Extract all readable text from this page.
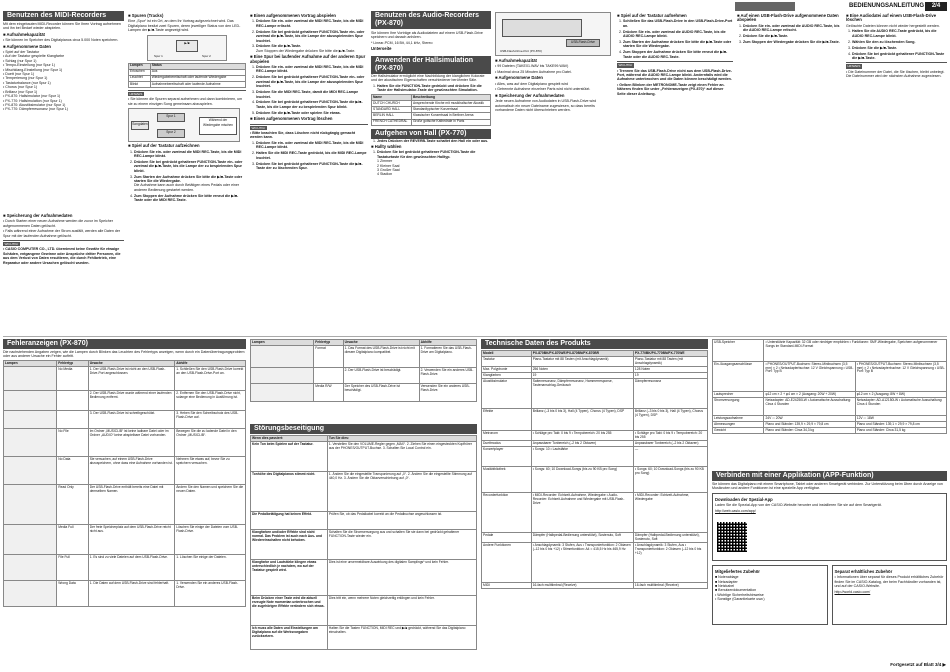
BEDIENUNGSANLEITUNG	2/4
Benutzen des MIDI-Recorders

Mit dem eingebauten MIDI-Recorder können Sie Ihren Vortrag aufnehmen und ihn bei Bedarf wieder abspielen.

■ Aufnahmekapazität

• Sie können im Speicher des Digitalpianos circa 5.000 Noten speichern.

■ Aufgenommene Daten
• Spiel auf der Tastatur
• Auf der Tastatur gespielte Klangfarbe
• Schlag (nur Spur 1)
• Tempo-Einstellung (nur Spur 1)
• Mischklang-Einstellung (nur Spur 1)
• Duett (nur Spur 1)
• Temperierung (nur Spur 1)
• Tastaturbalance (nur Spur 1)
• Chorus (nur Spur 1)
• Brillanz (nur Spur 1)
• PX-870: Hallsimulator (nur Spur 1)
• PX-770: Hallsimulation (nur Spur 1)
• PX-870: Akustiksimulator (nur Spur 1)
• PX-770: Dämpferresonanz (nur Spur 1)
■ Speicherung der Aufnahmedaten

• Durch Starten einer neuen Aufnahme werden die zuvor im Speicher aufgenommenen Daten gelöscht.

• Falls während einer Aufnahme der Strom ausfällt, werden alle Daten der Spur mit der laufenden Aufnahme gelöscht.

WICHTIG!

• CASIO COMPUTER CO., LTD. übernimmt keine Gewähr für etwaige Schäden, entgangene Gewinne oder Ansprüche dritter Personen, die aus dem Verlust von Daten resultieren, die durch Fehlbetrieb, eine Reparatur oder andere Ursachen gelöscht wurden.

■ Spuren (Tracks)

Eine „Spur“ ist ein Ort, an dem Ihr Vortrag aufgezeichnet wird. Das Digitalpiano besitzt zwei Spuren, deren jeweiliger Status von den LED-Lampen der ▶/■-Taste angezeigt wird.

▶/■
Spur 1	Spur 2
Lampen	Status
Erloschen	Aus
Leuchtet	Wiedergabebereitschaft oder laufende Wiedergabe
Blinkt	Aufnahmebereitschaft oder laufende Aufnahme
HINWEIS

• Sie können die Spuren separat aufnehmen und dann kombinieren, um sie zu einem einzigen Song gemeinsam abzuspielen.

Songdaten
Spur 1
Spur 2
Während der Wiedergabe mischen
■ Spiel auf der Tastatur aufzeichnen
1. Drücken Sie ein- oder zweimal die MIDI REC-Taste, bis die MIDI REC-Lampe blinkt.
2. Drücken Sie bei gedrückt gehaltener FUNCTION-Taste ein- oder zweimal die ▶/■-Taste, bis die Lampe der zu bespielenden Spur blinkt.
3. Zum Starten der Aufnahme drücken Sie bitte die ▶/■-Taste oder starten Sie die Wiedergabe.
Die Aufnahme kann auch durch Betätigen eines Pedals oder einer anderen Bedienung gestartet werden.
4. Zum Stoppen der Aufnahme drücken Sie bitte erneut die ▶/■-Taste oder die MIDI REC-Taste.
■ Einen aufgenommenen Vortrag abspielen
1. Drücken Sie ein- oder zweimal die MIDI REC-Taste, bis die MIDI REC-Lampe erlischt.
2. Drücken Sie bei gedrückt gehaltener FUNCTION-Taste ein- oder zweimal die ▶/■-Taste, bis die Lampe der abzuspielenden Spur leuchtet.
3. Drücken Sie die ▶/■-Taste.
Zum Stoppen der Wiedergabe drücken Sie bitte die ▶/■-Taste.
■ Eine Spur bei laufender Aufnahme auf der anderen Spur abspielen
1. Drücken Sie ein- oder zweimal die MIDI REC-Taste, bis die MIDI REC-Lampe blinkt.
2. Drücken Sie bei gedrückt gehaltener FUNCTION-Taste ein- oder zweimal die ▶/■-Taste, bis die Lampe der abzuspielenden Spur leuchtet.
3. Drücken Sie die MIDI REC-Taste, damit die MIDI REC-Lampe leuchtet.
4. Drücken Sie bei gedrückt gehaltener FUNCTION-Taste die ▶/■-Taste, bis die Lampe der zu bespielenden Spur blinkt.
5. Drücken Sie die ▶/■-Taste oder spielen Sie etwas.
■ Einen aufgenommenen Vortrag löschen
WICHTIG!

• Bitte beachten Sie, dass Löschen nicht rückgängig gemacht werden kann.

1. Drücken Sie ein- oder zweimal die MIDI REC-Taste, bis die MIDI REC-Lampe blinkt.
2. Halten Sie die MIDI REC-Taste gedrückt, bis die MIDI REC-Lampe leuchtet.
3. Drücken Sie bei gedrückt gehaltener FUNCTION-Taste die ▶/■-Taste der zu löschenden Spur.
Benutzen des Audio-Recorders (PX-870)

Sie können Ihre Vorträge als Audiodateien auf einem USB-Flash-Drive speichern und danach anhören.

* Linear-PCM, 16 Bit, 44,1 kHz, Stereo

Unterseite
Anwenden der Hallsimulation (PX-870)

Der Hallsimulator ermöglicht eine Nachbildung der klanglichen Kolorate und der akustischen Eigenschaften verschiedener berühmter Säle.

1. Halten Sie die FUNCTION-Taste gedrückt und drücken Sie die Taste der Hallsimulator-Taste der gewünschten Simulation.
Name	Beschreibung
DUTCH CHURCH	Ansprechende Kirche mit musikhalischer Akustik
STANDARD HALL	Standardtypischer Konzertsaal
BERLIN HALL	Klassischer Konzertsaal in Berliner Arena
FRENCH CATHEDRAL	Große gotische Kathedrale in Paris
Aufgehen von Hall (PX-770)
1. Jedes Drücken der REVERB-Taste schaltet den Hall ein oder aus.
■ Hallty wählen
1. Drücken Sie bei gedrückt gehaltener FUNCTION-Taste die Tastaturtaste für den gewünschten Halltyp.
1 Zimmer
2 Kleiner Saal
3 Großer Saal
4 Stadion
USB-Flash-Drive
USB-Flash-Drive-Port (PX-870)
■ Aufnahmekapazität

• 99 Dateien (TAKE01.WAV bis TAKE99.WAV)

• Maximal circa 25 Minuten Aufnahme pro Datei.

■ Aufgenommene Daten

• Alles, was auf dem Digitalpiano gespielt wird

• Getrennte Aufnahme einzelner Parts wird nicht unterstützt.

■ Speicherung der Aufnahmedaten

Jede neuen Aufnahme von Audiodaten in USB-Flash-Drive wird automatisch ein neuer Dateiname zugewiesen, so dass bereits vorhandene Daten nicht überschrieben werden.

■ Spiel auf der Tastatur aufnehmen
1. Schließen Sie das USB-Flash-Drive in den USB-Flash-Drive-Port an.
2. Drücken Sie ein- oder zweimal die AUDIO REC-Taste, bis die AUDIO REC-Lampe blinkt.
3. Zum Starten der Aufnahme drücken Sie bitte die ▶/■-Taste oder starten Sie die Wiedergabe.
4. Zum Stoppen der Aufnahme drücken Sie bitte erneut die ▶/■-Taste oder die AUDIO REC-Taste.
WICHTIG!

• Trennen Sie das USB-Flash-Drive nicht aus dem USB-Flash-Drive-Port, während die AUDIO REC-Lampe blinkt. Andernfalls wird die Aufnahme unterbrochen und die Daten können beschädigt werden.

• Gelben Blinken der METRONOME-Taste zeigt einen Fehler an. Näheres finden Sie unter „Fehleranzeigen (PX-870)“ auf dieser Seite dieser Anleitung.

■ Auf einen USB-Flash-Drive aufgenommene Daten abspielen
1. Drücken Sie ein- oder zweimal die AUDIO REC-Taste, bis die AUDIO REC-Lampe erlischt.
2. Drücken Sie die ▶/■-Taste.
3. Zum Stoppen der Wiedergabe drücken Sie die ▶/■-Taste.
■ Eine Audiodatei auf einem USB-Flash-Drive löschen

Gelöschte Dateien können nicht wieder hergestellt werden.

1. Halten Sie die AUDIO REC-Taste gedrückt, bis die AUDIO REC-Lampe blinkt.
2. Wählen Sie den zu löschenden Song.
3. Drücken Sie die ▶/■-Taste.
4. Drücken Sie bei gedrückt gehaltener FUNCTION-Taste die ▶/■-Taste.
HINWEIS

• Die Dateinummer der Datei, die Sie löschen, bleibt unbelegt. Die Dateinummer wird der nächsten Aufnahme zugewiesen.

Fehleranzeigen (PX-870)

Die nachstehenden Angaben zeigen, wie die Lampen durch Blinken das Leuchten des Fehlertyps anzeigen, wenn durch ein Datenübertragungsproblem oder aus anderer Ursache ein Fehler auftritt.

Lampen	Fehlertyp	Ursache	Abhilfe
	No Media	1. Der USB-Flash-Drive ist nicht an den USB-Flash-Drive-Port angeschlossen.	1. Schließen Sie den USB-Flash-Drive korrekt an den USB-Flash-Drive-Port an.
		2. Der USB-Flash-Drive wurde während einer laufenden Bedienung entfernt.	2. Entfernen Sie den USB-Flash-Drive nicht, solange eine Bedienung in Ausführung ist.
		3. Der USB-Flash-Drive ist schreibgeschützt.	3. Heben Sie den Schreibschutz des USB-Flash-Drive auf.
	No File	Im Ordner „MUSICLIB“ ist keine ladbare Datei oder im Ordner „AUDIO“ keine abspielbare Datei vorhanden.	Bewegen Sie die zu ladende Datei in den Ordner „MUSICLIB“.
	No Data	Sie versuchen, auf einem USB-Flash-Drive abzuspeichern, ohne dass eine Aufnahme vorhanden ist.	Nehmen Sie etwas auf, bevor Sie zu speichern versuchen.
	Read Only	Der USB-Flash-Drive enthält bereits eine Datei mit demselben Namen.	Ändern Sie den Namen und speichern Sie die neuen Daten.
	Media Full	Der freie Speicherplatz auf dem USB-Flash-Drive reicht nicht aus.	Löschen Sie einige der Dateien vom USB-Flash-Drive.
	File Full	1. Es sind zu viele Dateien auf dem USB-Flash-Drive.	1. Löschen Sie einige der Dateien.
	Wrong Data	1. Die Daten auf dem USB-Flash-Drive sind fehlerhaft.	1. Verwenden Sie ein anderes USB-Flash-Drive.
Lampen	Fehlertyp	Ursache	Abhilfe
	Format	1. Das Format des USB-Flash-Drive ist nicht mit diesem Digitalpiano kompatibel.	1. Formatieren Sie das USB-Flash-Drive am Digitalpiano.
		2. Der USB-Flash-Drive ist beschädigt.	2. Verwenden Sie ein anderes USB-Flash-Drive.
	Media R/W	Der Speicher des USB-Flash-Drive ist beschädigt.	Verwenden Sie ein anderes USB-Flash-Drive.
Störungsbeseitigung
Wenn dies passiert:	Tun Sie dies:
Kein Ton beim Spielen auf der Tastatur.	1. Verstellen Sie den VOLUME-Regler gegen „MAX“. 2. Ziehen Sie einen eingesteckten Kopfhörer aus der PHONES/OUTPUT-Buchse. 3. Schalten Sie Local Control ein.
Tonhöhe des Digitalpianos stimmt nicht.	1. Ändern Sie die eingestellte Transponierung auf „0“. 2. Ändern Sie die eingestellte Stimmung auf 440,0 Hz. 3. Ändern Sie die Oktavverschiebung auf „0“.
Die Pedalbetätigung hat keinen Effekt.	Prüfen Sie, ob das Pedalkabel korrekt an die Pedalbuchse angeschlossen ist.
Klangfarben und/oder Effekte sind nicht normal. Das Problem ist auch nach Aus- und Wiedereinschalten nicht behoben.	Schalten Sie die Stromversorgung aus und schalten Sie sie dann bei gedrückt gehaltener FUNCTION-Taste wieder ein.
Klangfarbe und Lautstärke klingen etwas unterschiedlich je nachdem, wo auf der Tastatur gespielt wird.	Dies ist eine unvermeidbare Auswirkung des digitalen Samplings* und kein Fehler.
Beim Drücken einer Taste wird die aktuell erzeugte Note momentan unterbrochen und die zugehörigen Effekte verändern sich etwas.	Dies tritt ein, wenn mehrere Noten gleichzeitig erklingen und kein Fehler.
Ich muss alle Daten und Einstellungen am Digitalpiano auf die Werksvorgaben zurücksetzen.	Halten Sie die Tasten FUNCTION, MIDI REC und ▶/■ gedrückt, während Sie das Digitalpiano einschalten.
Technische Daten des Produkts
Modell	PX-870BK/PX-870WE/PX-870BN/PX-870BR	PX-770BK/PX-770BN/PX-770WE
Tastatur	Piano-Tastatur mit 88 Tasten (mit Anschlagdynamik)	Piano-Tastatur mit 88 Tasten (mit Anschlagdynamik)
Max. Polyphonie	256 Noten	128 Noten
Klangfarben	19	19
Akustiksimulator	Saitenresonanz, Dämpferresonanz, Hammerresponse, Tastenanschlag-Geräusch	Dämpferresonanz
Effekte	Brillanz (–3 bis 0 bis 3), Hall (4 Typen), Chorus (4 Typen), DSP	Brillanz (–3 bis 0 bis 3), Hall (4 Typen), Chorus (4 Typen), DSP
Metronom	• Schläge pro Takt: 0 bis 9 • Tempobereich: 20 bis 255	• Schläge pro Takt: 0 bis 9 • Tempobereich: 20 bis 255
Duettmodus	Anpassbarer Tonbereich (–2 bis 2 Oktaven)	Anpassbarer Tonbereich (–2 bis 2 Oktaven)
Konzertplayer	• Songs: 10 • Lautstärke	—
Musikbibliothek	• Songs: 60; 10 Download-Songs (bis zu 90 KB pro Song)	• Songs: 60; 10 Download-Songs (bis zu 90 KB pro Song)
Recorderfunktion	• MIDI-Recorder: Echtzeit-Aufnahme, Wiedergabe • Audio-Recorder: Echtzeit-Aufnahme und Wiedergabe mit USB-Flash-Drive	• MIDI-Recorder: Echtzeit-Aufnahme, Wiedergabe
Pedale	Dämpfer (Halbpedal-Bedienung unterstützt), Sostenuto, Soft	Dämpfer (Halbpedal-Bedienung unterstützt), Sostenuto, Soft
Andere Funktionen	• Anschlagdynamik: 3 Stufen, Aus • Transponierfunktion: 2 Oktaven (–12 bis 0 bis +12) • Stimmfunktion: A4 = 415,5 Hz bis 465,9 Hz	• Anschlagdynamik: 3 Stufen, Aus • Transponierfunktion: 2 Oktaven (–12 bis 0 bis +12)
MIDI	16-fach multitimbral (Receive)	16-fach multitimbral (Receive)
USB-Speicher	• Unterstützte Kapazität: 32 GB oder niedriger empfohlen • Funktionen: SMF-Wiedergabe, Speichern aufgenommener Songs im Standard-MIDI-Format	
Ein-/Ausgangsanschlüsse	• PHONES/OUTPUT-Buchsen: Stereo-Minibuchsen (3,5 mm) × 2 • Netzadapterbuchse: 12 V Gleichspannung • USB-Port: Typ B	• PHONES/OUTPUT-Buchsen: Stereo-Minibuchsen (3,5 mm) × 2 • Netzadapterbuchse: 12 V Gleichspannung • USB-Port: Typ B
Lautsprecher	φ12 cm × 2 + φ4 cm × 2 (Ausgang: 20W + 20W)	φ12 cm × 2 (Ausgang: 8W + 8W)
Stromversorgung	Netzadapter: AD-E24250LW • Automatische Ausschaltung: Circa 4 Stunden	Netzadapter: AD-A12150LW • Automatische Ausschaltung: Circa 4 Stunden
Leistungsaufnahme	24V ⎓ 20W	12V ⎓ 18W
Abmessungen	Piano und Ständer: 139,9 × 29,9 × 79,8 cm	Piano und Ständer: 139,1 × 29,9 × 79,8 cm
Gewicht	Piano und Ständer: Circa 34,3 kg	Piano und Ständer: Circa 31,5 kg
Verbinden mit einer Applikation (APP-Funktion)

Sie können das Digitalpiano mit einem Smartphone, Tablet oder anderen Smartgerät verbinden. Zur Unterstützung beim Üben durch Anzeige von Musiknoten und andere Funktionen ist eine spezielle App verfügbar.

Downloaden der Spezial-App

Laden Sie die Spezial-App von der CASIO-Website herunter und installieren Sie sie auf dem Smartgerät.

http://web.casio.com/app/

Mitgeliefertes Zubehör
■ Notenablage
■ Netzadapter
■ Netzkabel
■ Benutzerdokumentation
• Wichtige Sicherheitshinweise
• Sonstige (Garantiekarte usw.)
Separat erhältliches Zubehör

• Informationen über separat für dieses Produkt erhältliches Zubehör finden Sie im CASIO-Katalog, der beim Fachhändler vorhanden ist, und auf der CASIO-Website.

http://world.casio.com/

Fortgesetzt auf Blatt 3/4 ▶
